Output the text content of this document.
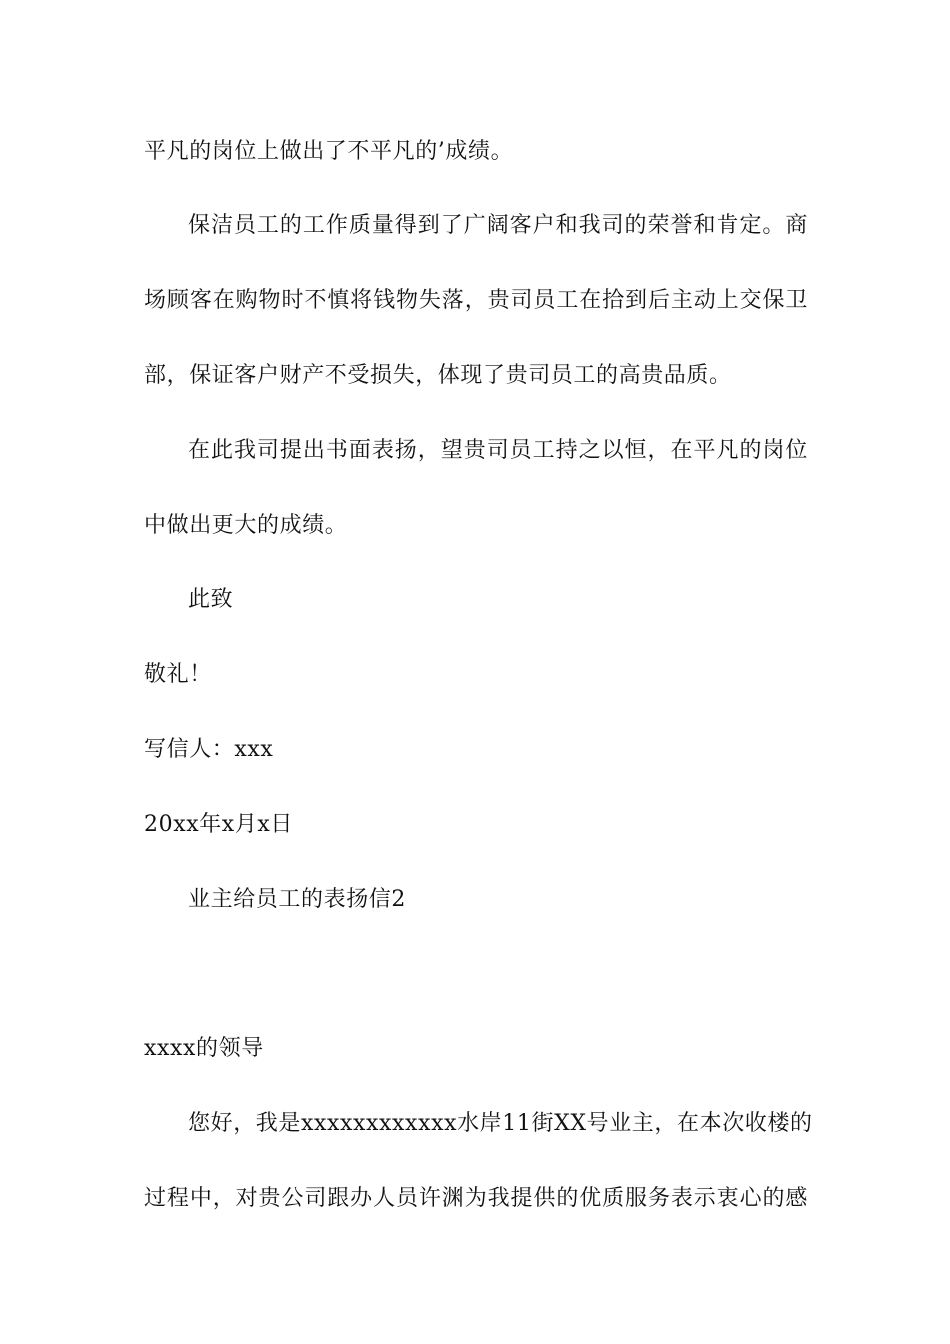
平凡的岗位上做出了不平凡的’成绩。
保洁员工的工作质量得到了广阔客户和我司的荣誉和肯定。商
场顾客在购物时不慎将钱物失落，贵司员工在拾到后主动上交保卫
部，保证客户财产不受损失，体现了贵司员工的高贵品质。
在此我司提出书面表扬，望贵司员工持之以恒，在平凡的岗位
中做出更大的成绩。
此致
敬礼！
写信人：xxx
20xx年x月x日
业主给员工的表扬信2
xxxx的领导
您好，我是xxxxxxxxxxxx水岸11街XX号业主，在本次收楼的
过程中，对贵公司跟办人员许渊为我提供的优质服务表示衷心的感
